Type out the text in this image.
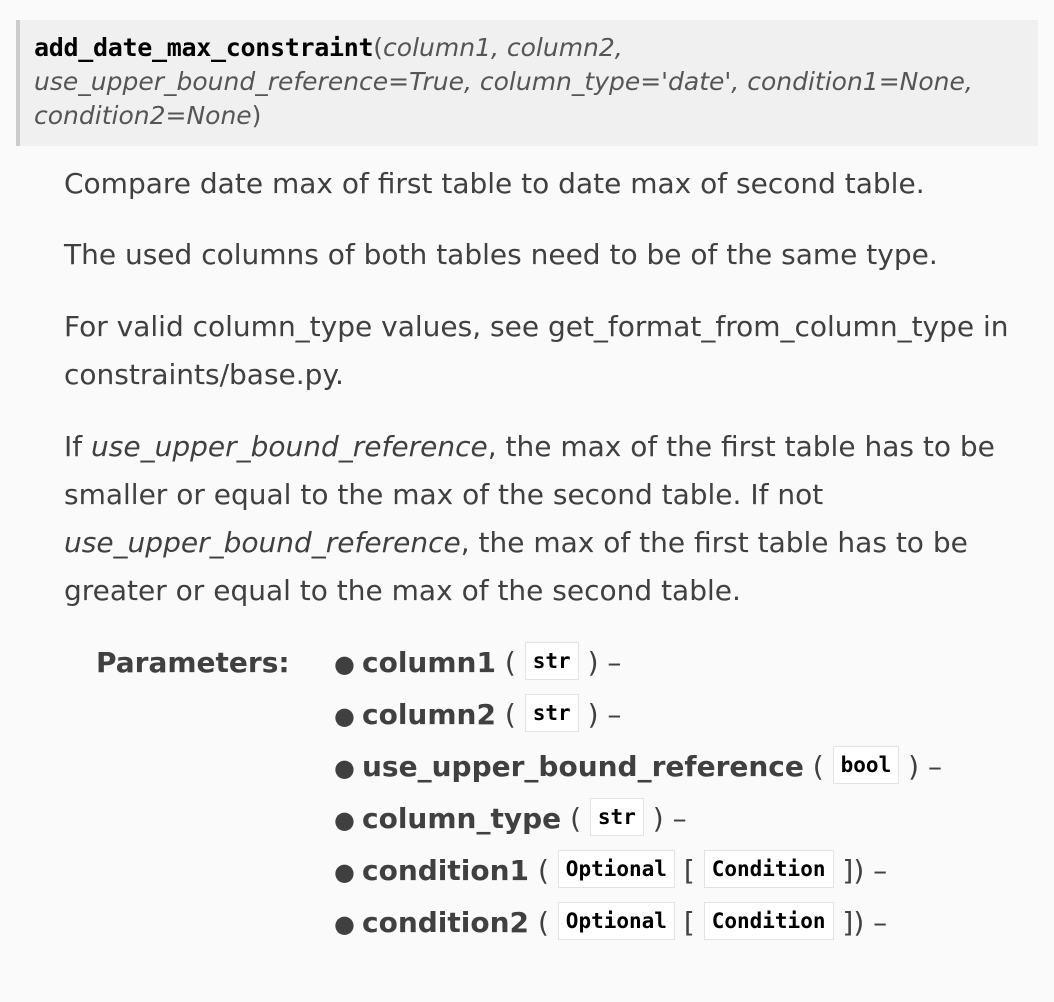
add_date_max_constraint(column1, column2, use_upper_bound_reference=True, column_type='date', condition1=None, condition2=None)

Compare date max of first table to date max of second table.

The used columns of both tables need to be of the same type.

For valid column_type values, see get_format_from_column_type in constraints/base.py.

If use_upper_bound_reference, the max of the first table has to be smaller or equal to the max of the second table. If not use_upper_bound_reference, the max of the first table has to be greater or equal to the max of the second table.

Parameters: ● column1 ( str ) –
● column2 ( str ) –
● use_upper_bound_reference ( bool ) –
● column_type ( str ) –
● condition1 ( Optional [ Condition ]) –
● condition2 ( Optional [ Condition ]) –
